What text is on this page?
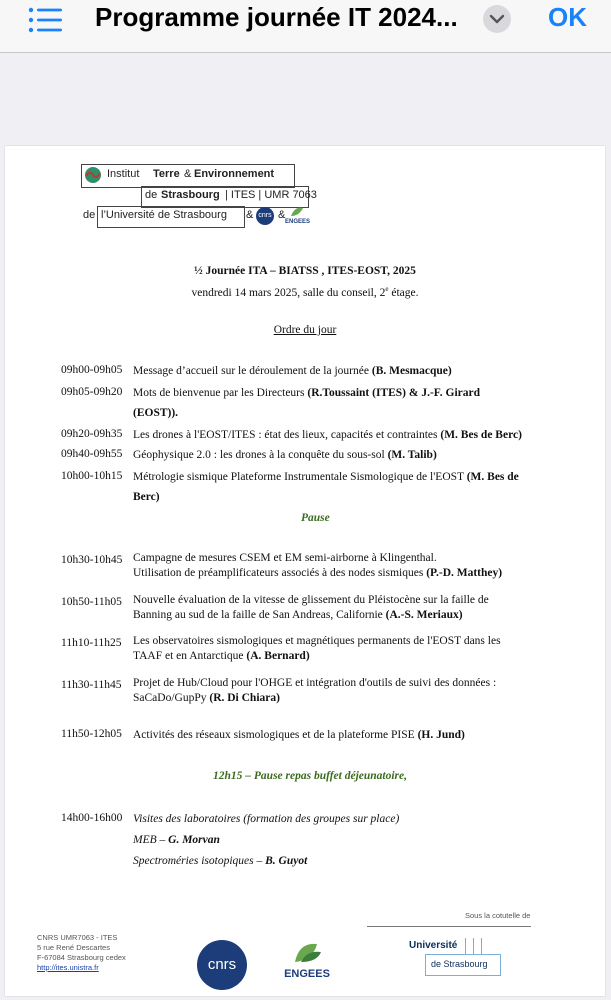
Programme journée IT 2024...	OK
Institut Terre & Environnement
de Strasbourg | ITES | UMR 7063
de l’Université de Strasbourg & cnrs &
ENGEES
½ Journée ITA – BIATSS , ITES-EOST, 2025
vendredi 14 mars 2025, salle du conseil, 2e étage.
Ordre du jour
09h00-09h05 Message d’accueil sur le déroulement de la journée (B. Mesmacque)
09h05-09h20 Mots de bienvenue par les Directeurs (R.Toussaint (ITES) & J.-F. Girard
(EOST)).
09h20-09h35 Les drones à l'EOST/ITES : état des lieux, capacités et contraintes (M. Bes de Berc)
09h40-09h55 Géophysique 2.0 : les drones à la conquête du sous-sol (M. Talib)
10h00-10h15 Métrologie sismique Plateforme Instrumentale Sismologique de l'EOST (M. Bes de
Berc)
Pause
10h30-10h45 Campagne de mesures CSEM et EM semi-airborne à Klingenthal.
Utilisation de préamplificateurs associés à des nodes sismiques (P.-D. Matthey)
10h50-11h05 Nouvelle évaluation de la vitesse de glissement du Pléistocène sur la faille de
Banning au sud de la faille de San Andreas, Californie (A.-S. Meriaux)
11h10-11h25 Les observatoires sismologiques et magnétiques permanents de l'EOST dans les
TAAF et en Antarctique (A. Bernard)
11h30-11h45 Projet de Hub/Cloud pour l'OHGE et intégration d'outils de suivi des données :
SaCaDo/GupPy (R. Di Chiara)
11h50-12h05 Activités des réseaux sismologiques et de la plateforme PISE (H. Jund)
12h15 – Pause repas buffet déjeunatoire,
14h00-16h00 Visites des laboratoires (formation des groupes sur place)
MEB – G. Morvan
Spectroméries isotopiques – B. Guyot
Sous la cotutelle de
CNRS UMR7063 - ITES
5 rue René Descartes
F-67084 Strasbourg cedex
http://ites.unistra.fr	cnrs
ENGEES
Université
de Strasbourg
